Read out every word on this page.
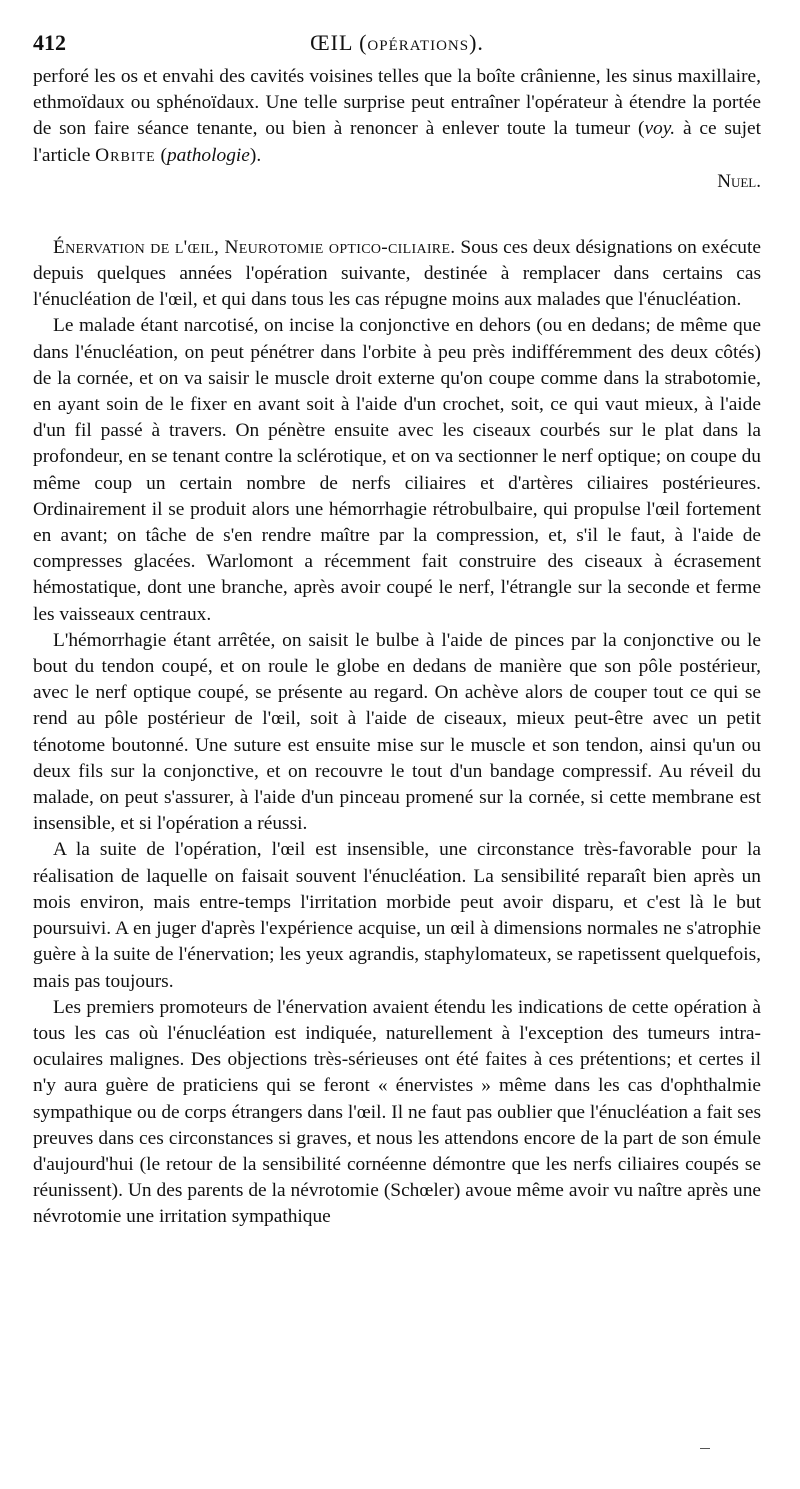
412	ŒIL (opérations).

perforé les os et envahi des cavités voisines telles que la boîte crânienne, les sinus maxillaire, ethmoïdaux ou sphénoïdaux. Une telle surprise peut entraîner l'opérateur à étendre la portée de son faire séance tenante, ou bien à renoncer à enlever toute la tumeur (voy. à ce sujet l'article Orbite (pathologie).

Nuel.

Énervation de l'œil, Neurotomie optico-ciliaire. Sous ces deux désignations on exécute depuis quelques années l'opération suivante, destinée à remplacer dans certains cas l'énucléation de l'œil, et qui dans tous les cas répugne moins aux malades que l'énucléation.

Le malade étant narcotisé, on incise la conjonctive en dehors (ou en dedans; de même que dans l'énucléation, on peut pénétrer dans l'orbite à peu près indifféremment des deux côtés) de la cornée, et on va saisir le muscle droit externe qu'on coupe comme dans la strabotomie, en ayant soin de le fixer en avant soit à l'aide d'un crochet, soit, ce qui vaut mieux, à l'aide d'un fil passé à travers. On pénètre ensuite avec les ciseaux courbés sur le plat dans la profondeur, en se tenant contre la sclérotique, et on va sectionner le nerf optique; on coupe du même coup un certain nombre de nerfs ciliaires et d'artères ciliaires postérieures. Ordinairement il se produit alors une hémorrhagie rétrobulbaire, qui propulse l'œil fortement en avant; on tâche de s'en rendre maître par la compression, et, s'il le faut, à l'aide de compresses glacées. Warlomont a récemment fait construire des ciseaux à écrasement hémostatique, dont une branche, après avoir coupé le nerf, l'étrangle sur la seconde et ferme les vaisseaux centraux.

L'hémorrhagie étant arrêtée, on saisit le bulbe à l'aide de pinces par la conjonctive ou le bout du tendon coupé, et on roule le globe en dedans de manière que son pôle postérieur, avec le nerf optique coupé, se présente au regard. On achève alors de couper tout ce qui se rend au pôle postérieur de l'œil, soit à l'aide de ciseaux, mieux peut-être avec un petit ténotome boutonné. Une suture est ensuite mise sur le muscle et son tendon, ainsi qu'un ou deux fils sur la conjonctive, et on recouvre le tout d'un bandage compressif. Au réveil du malade, on peut s'assurer, à l'aide d'un pinceau promené sur la cornée, si cette membrane est insensible, et si l'opération a réussi.

A la suite de l'opération, l'œil est insensible, une circonstance très-favorable pour la réalisation de laquelle on faisait souvent l'énucléation. La sensibilité reparaît bien après un mois environ, mais entre-temps l'irritation morbide peut avoir disparu, et c'est là le but poursuivi. A en juger d'après l'expérience acquise, un œil à dimensions normales ne s'atrophie guère à la suite de l'énervation; les yeux agrandis, staphylomateux, se rapetissent quelquefois, mais pas toujours.

Les premiers promoteurs de l'énervation avaient étendu les indications de cette opération à tous les cas où l'énucléation est indiquée, naturellement à l'exception des tumeurs intra-oculaires malignes. Des objections très-sérieuses ont été faites à ces prétentions; et certes il n'y aura guère de praticiens qui se feront « énervistes » même dans les cas d'ophthalmie sympathique ou de corps étrangers dans l'œil. Il ne faut pas oublier que l'énucléation a fait ses preuves dans ces circonstances si graves, et nous les attendons encore de la part de son émule d'aujourd'hui (le retour de la sensibilité cornéenne démontre que les nerfs ciliaires coupés se réunissent). Un des parents de la névrotomie (Schœler) avoue même avoir vu naître après une névrotomie une irritation sympathique
